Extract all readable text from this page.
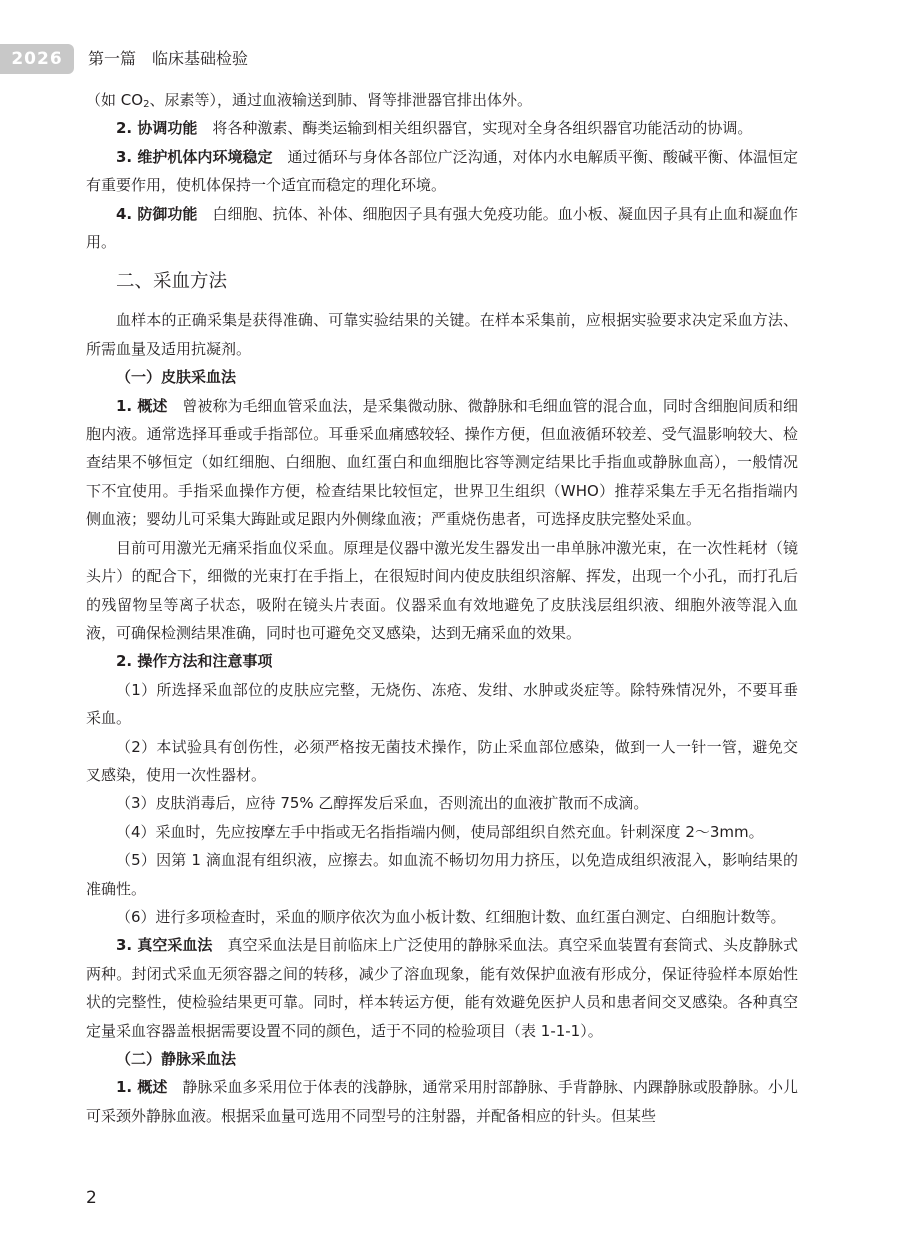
2026	第一篇　临床基础检验

（如 $CO_2$、尿素等），通过血液输送到肺、肾等排泄器官排出体外。

2. 协调功能　将各种激素、酶类运输到相关组织器官，实现对全身各组织器官功能活动的协调。

3. 维护机体内环境稳定　通过循环与身体各部位广泛沟通，对体内水电解质平衡、酸碱平衡、体温恒定有重要作用，使机体保持一个适宜而稳定的理化环境。

4. 防御功能　白细胞、抗体、补体、细胞因子具有强大免疫功能。血小板、凝血因子具有止血和凝血作用。

二、采血方法

血样本的正确采集是获得准确、可靠实验结果的关键。在样本采集前，应根据实验要求决定采血方法、所需血量及适用抗凝剂。

（一）皮肤采血法

1. 概述　曾被称为毛细血管采血法，是采集微动脉、微静脉和毛细血管的混合血，同时含细胞间质和细胞内液。通常选择耳垂或手指部位。耳垂采血痛感较轻、操作方便，但血液循环较差、受气温影响较大、检查结果不够恒定（如红细胞、白细胞、血红蛋白和血细胞比容等测定结果比手指血或静脉血高），一般情况下不宜使用。手指采血操作方便，检查结果比较恒定，世界卫生组织（WHO）推荐采集左手无名指指端内侧血液；婴幼儿可采集大踇趾或足跟内外侧缘血液；严重烧伤患者，可选择皮肤完整处采血。

目前可用激光无痛采指血仪采血。原理是仪器中激光发生器发出一串单脉冲激光束，在一次性耗材（镜头片）的配合下，细微的光束打在手指上，在很短时间内使皮肤组织溶解、挥发，出现一个小孔，而打孔后的残留物呈等离子状态，吸附在镜头片表面。仪器采血有效地避免了皮肤浅层组织液、细胞外液等混入血液，可确保检测结果准确，同时也可避免交叉感染，达到无痛采血的效果。

2. 操作方法和注意事项

（1）所选择采血部位的皮肤应完整，无烧伤、冻疮、发绀、水肿或炎症等。除特殊情况外，不要耳垂采血。

（2）本试验具有创伤性，必须严格按无菌技术操作，防止采血部位感染，做到一人一针一管，避免交叉感染，使用一次性器材。

（3）皮肤消毒后，应待 75% 乙醇挥发后采血，否则流出的血液扩散而不成滴。

（4）采血时，先应按摩左手中指或无名指指端内侧，使局部组织自然充血。针刺深度 2～3mm。

（5）因第 1 滴血混有组织液，应擦去。如血流不畅切勿用力挤压，以免造成组织液混入，影响结果的准确性。

（6）进行多项检查时，采血的顺序依次为血小板计数、红细胞计数、血红蛋白测定、白细胞计数等。

3. 真空采血法　真空采血法是目前临床上广泛使用的静脉采血法。真空采血装置有套筒式、头皮静脉式两种。封闭式采血无须容器之间的转移，减少了溶血现象，能有效保护血液有形成分，保证待验样本原始性状的完整性，使检验结果更可靠。同时，样本转运方便，能有效避免医护人员和患者间交叉感染。各种真空定量采血容器盖根据需要设置不同的颜色，适于不同的检验项目（表 1-1-1）。

（二）静脉采血法

1. 概述　静脉采血多采用位于体表的浅静脉，通常采用肘部静脉、手背静脉、内踝静脉或股静脉。小儿可采颈外静脉血液。根据采血量可选用不同型号的注射器，并配备相应的针头。但某些

2
